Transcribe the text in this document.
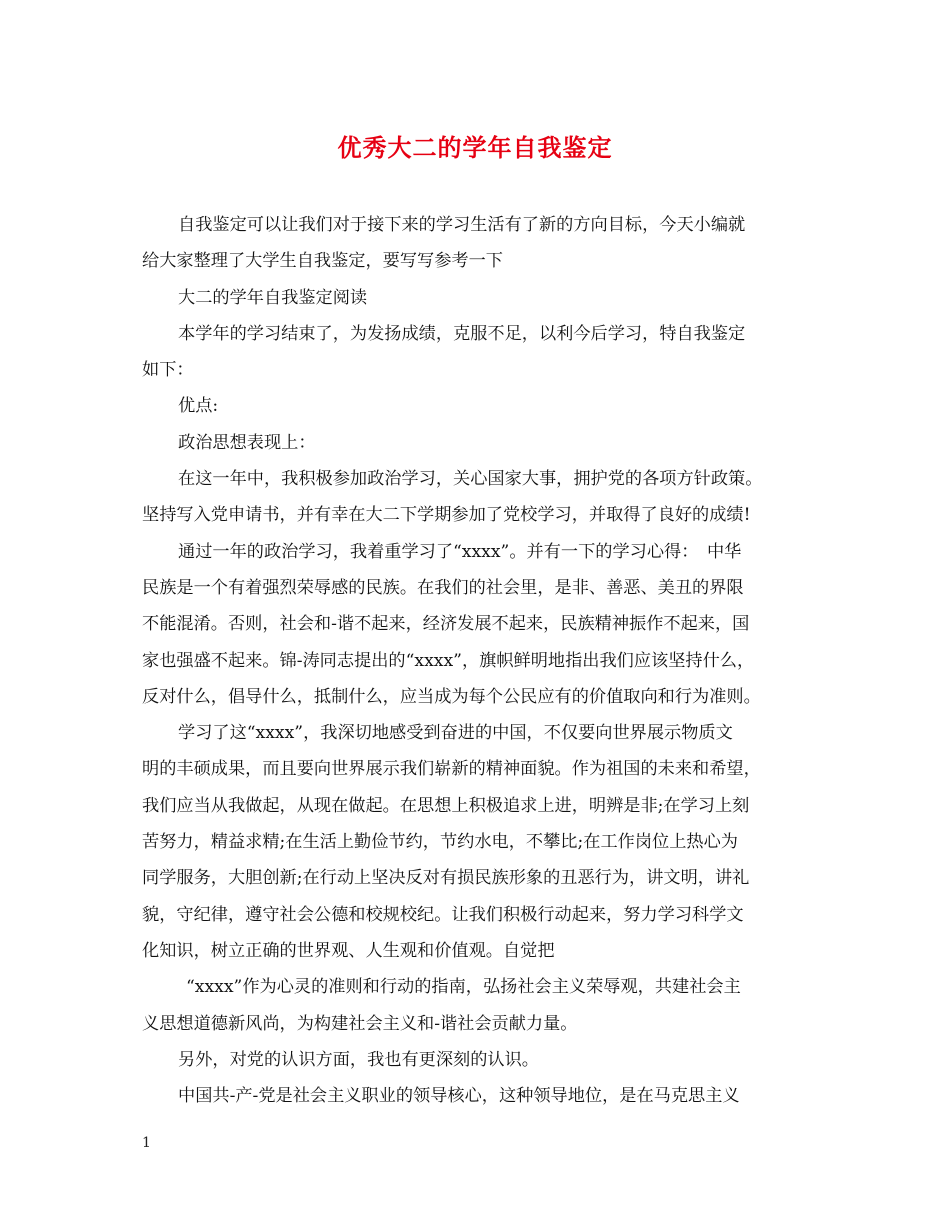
优秀大二的学年自我鉴定
自我鉴定可以让我们对于接下来的学习生活有了新的方向目标，今天小编就
给大家整理了大学生自我鉴定，要写写参考一下
大二的学年自我鉴定阅读
本学年的学习结束了，为发扬成绩，克服不足，以利今后学习，特自我鉴定
如下：
优点:
政治思想表现上：
在这一年中，我积极参加政治学习，关心国家大事，拥护党的各项方针政策。
坚持写入党申请书，并有幸在大二下学期参加了党校学习，并取得了良好的成绩!
通过一年的政治学习，我着重学习了“xxxx”。并有一下的学习心得：　中华
民族是一个有着强烈荣辱感的民族。在我们的社会里，是非、善恶、美丑的界限
不能混淆。否则，社会和-谐不起来，经济发展不起来，民族精神振作不起来，国
家也强盛不起来。锦-涛同志提出的“xxxx”，旗帜鲜明地指出我们应该坚持什么，
反对什么，倡导什么，抵制什么，应当成为每个公民应有的价值取向和行为准则。
学习了这“xxxx”，我深切地感受到奋进的中国，不仅要向世界展示物质文
明的丰硕成果，而且要向世界展示我们崭新的精神面貌。作为祖国的未来和希望，
我们应当从我做起，从现在做起。在思想上积极追求上进，明辨是非;在学习上刻
苦努力，精益求精;在生活上勤俭节约，节约水电，不攀比;在工作岗位上热心为
同学服务，大胆创新;在行动上坚决反对有损民族形象的丑恶行为，讲文明，讲礼
貌，守纪律，遵守社会公德和校规校纪。让我们积极行动起来，努力学习科学文
化知识，树立正确的世界观、人生观和价值观。自觉把
“xxxx”作为心灵的准则和行动的指南，弘扬社会主义荣辱观，共建社会主
义思想道德新风尚，为构建社会主义和-谐社会贡献力量。
另外，对党的认识方面，我也有更深刻的认识。
中国共-产-党是社会主义职业的领导核心，这种领导地位，是在马克思主义
1
